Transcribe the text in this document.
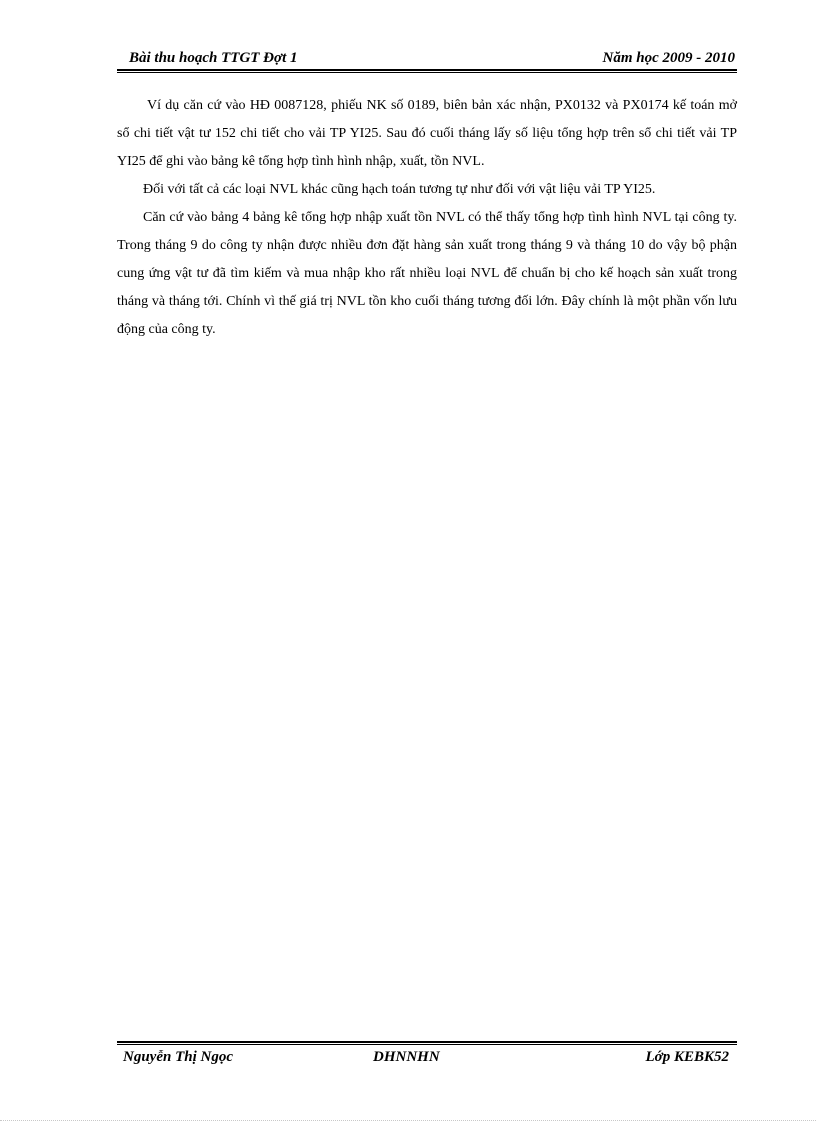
Bài thu hoạch TTGT Đợt 1	Năm học 2009 - 2010

Ví dụ căn cứ vào HĐ 0087128, phiếu NK số 0189, biên bản xác nhận, PX0132 và PX0174 kế toán mở sổ chi tiết vật tư 152 chi tiết cho vải TP YI25. Sau đó cuối tháng lấy số liệu tổng hợp trên sổ chi tiết vải TP YI25 để ghi vào bảng kê tổng hợp tình hình nhập, xuất, tồn NVL.

Đối với tất cả các loại NVL khác cũng hạch toán tương tự như đối với vật liệu vải TP YI25.

Căn cứ vào bảng 4 bảng kê tổng hợp nhập xuất tồn NVL có thể thấy tổng hợp tình hình NVL tại công ty. Trong tháng 9 do công ty nhận được nhiều đơn đặt hàng sản xuất trong tháng 9 và tháng 10 do vậy bộ phận cung ứng vật tư đã tìm kiếm và mua nhập kho rất nhiều loại NVL để chuẩn bị cho kế hoạch sản xuất trong tháng và tháng tới. Chính vì thế giá trị NVL tồn kho cuối tháng tương đối lớn. Đây chính là một phần vốn lưu động của công ty.

Nguyễn Thị Ngọc	DHNNHN	Lớp KEBK52
